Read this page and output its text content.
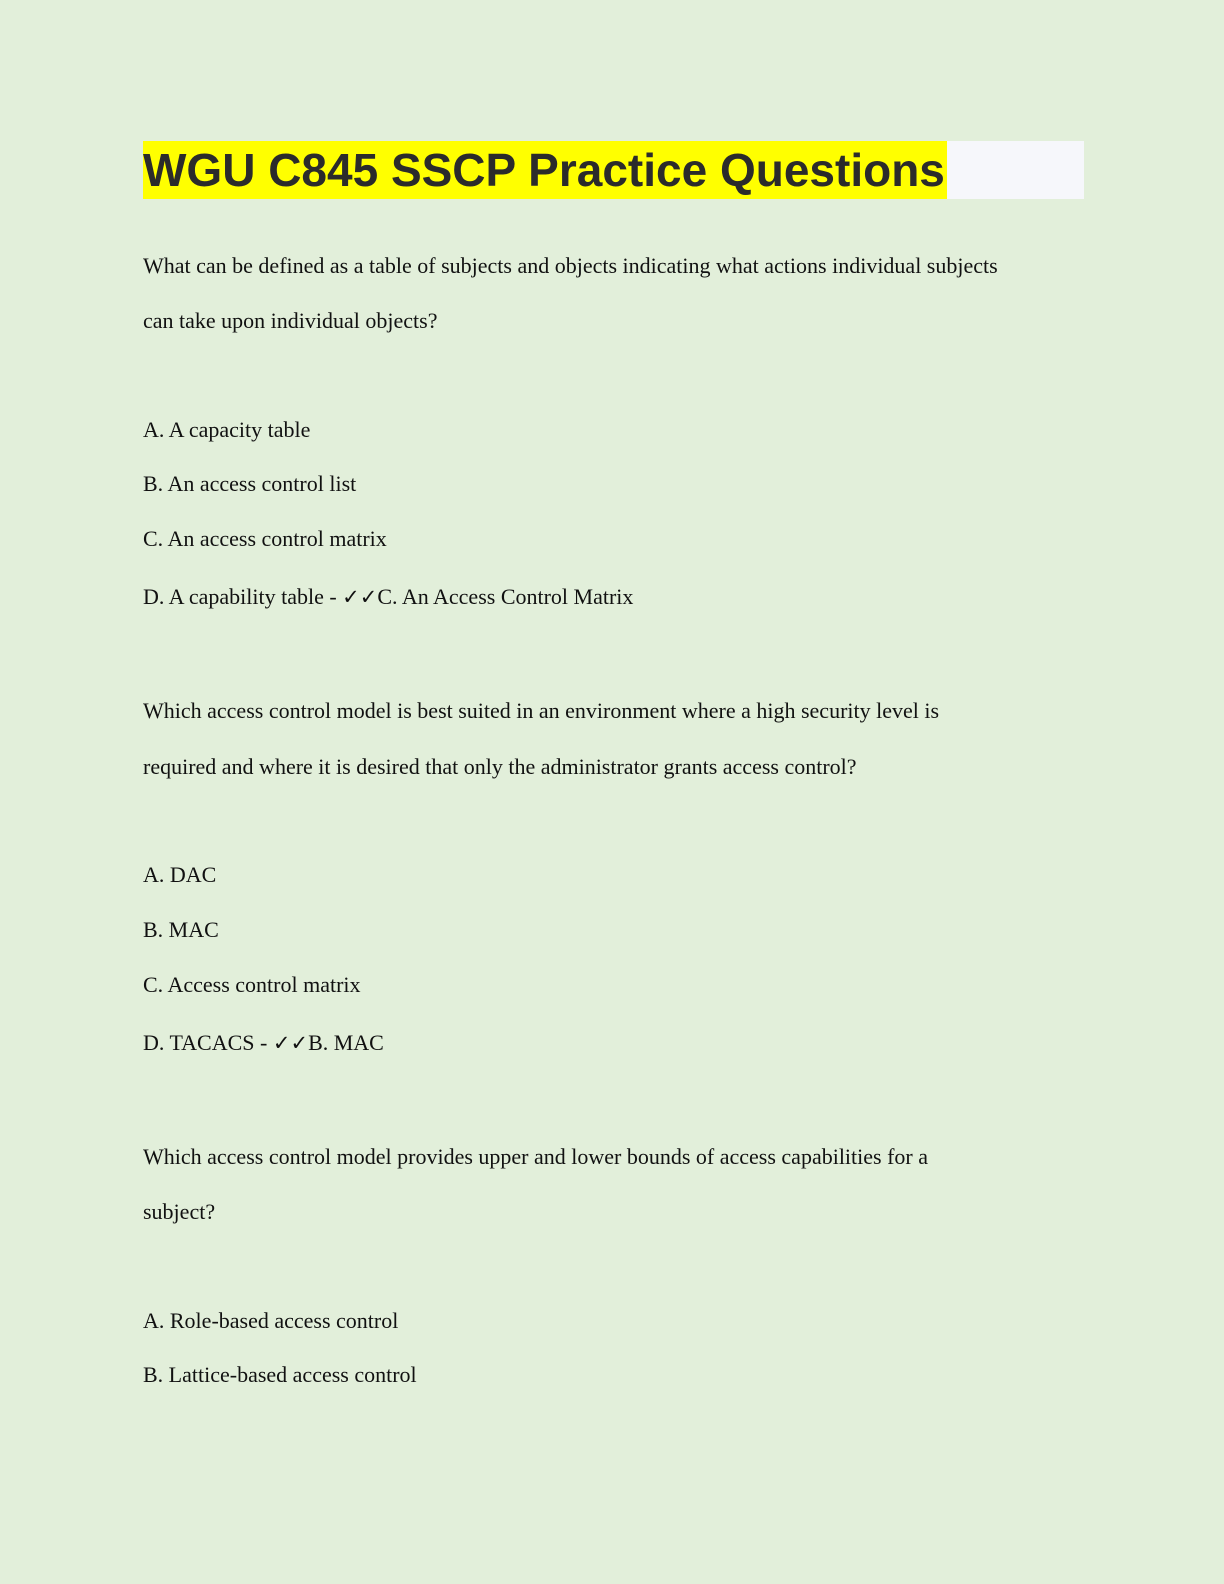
WGU C845 SSCP Practice Questions
What can be defined as a table of subjects and objects indicating what actions individual subjects
can take upon individual objects?
A. A capacity table
B. An access control list
C. An access control matrix
D. A capability table - ✓✓C. An Access Control Matrix
Which access control model is best suited in an environment where a high security level is
required and where it is desired that only the administrator grants access control?
A. DAC
B. MAC
C. Access control matrix
D. TACACS - ✓✓B. MAC
Which access control model provides upper and lower bounds of access capabilities for a
subject?
A. Role-based access control
B. Lattice-based access control
